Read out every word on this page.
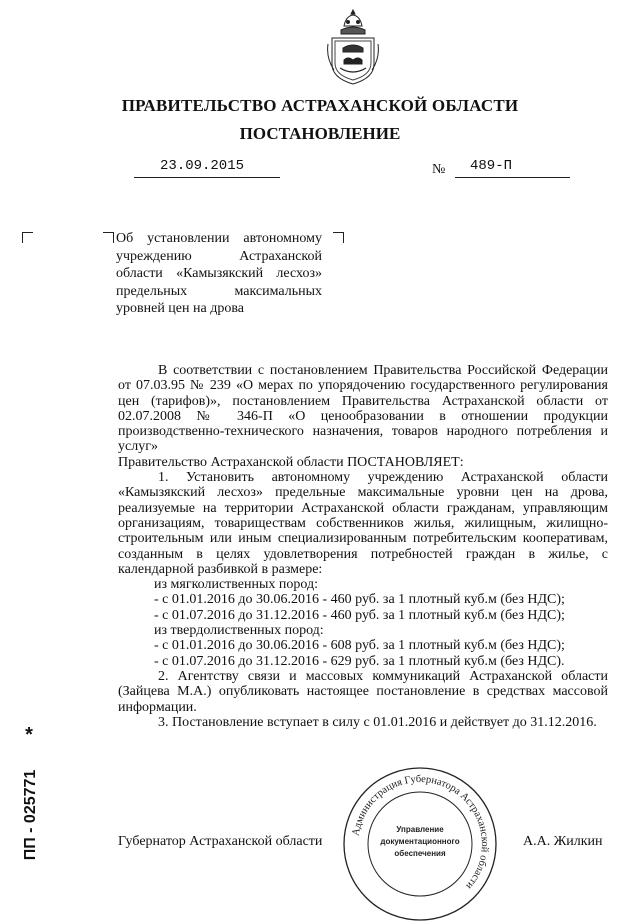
ПРАВИТЕЛЬСТВО АСТРАХАНСКОЙ ОБЛАСТИ
ПОСТАНОВЛЕНИЕ
23.09.2015	№ 489-П
Об установлении автономному учреждению Астраханской области «Камызякский лесхоз» предельных максимальных уровней цен на дрова

В соответствии с постановлением Правительства Российской Федерации от 07.03.95 № 239 «О мерах по упорядочению государственного регулирования цен (тарифов)», постановлением Правительства Астраханской области от 02.07.2008 № 346-П «О ценообразовании в отношении продукции производственно-технического назначения, товаров народного потребления и услуг»

Правительство Астраханской области ПОСТАНОВЛЯЕТ:

1. Установить автономному учреждению Астраханской области «Камызякский лесхоз» предельные максимальные уровни цен на дрова, реализуемые на территории Астраханской области гражданам, управляющим организациям, товариществам собственников жилья, жилищным, жилищно-строительным или иным специализированным потребительским кооперативам, созданным в целях удовлетворения потребностей граждан в жилье, с календарной разбивкой в размере:

из мягколиственных пород:

- с 01.01.2016 до 30.06.2016 - 460 руб. за 1 плотный куб.м (без НДС);

- с 01.07.2016 до 31.12.2016 - 460 руб. за 1 плотный куб.м (без НДС);

из твердолиственных пород:

- с 01.01.2016 до 30.06.2016 - 608 руб. за 1 плотный куб.м (без НДС);

- с 01.07.2016 до 31.12.2016 - 629 руб. за 1 плотный куб.м (без НДС).

2. Агентству связи и массовых коммуникаций Астраханской области (Зайцева М.А.) опубликовать настоящее постановление в средствах массовой информации.

3. Постановление вступает в силу с 01.01.2016 и действует до 31.12.2016.

Администрация Губернатора Астраханской области
Управление
документационного
обеспечения
Губернатор Астраханской области	А.А. Жилкин
*
ПП - 025771
